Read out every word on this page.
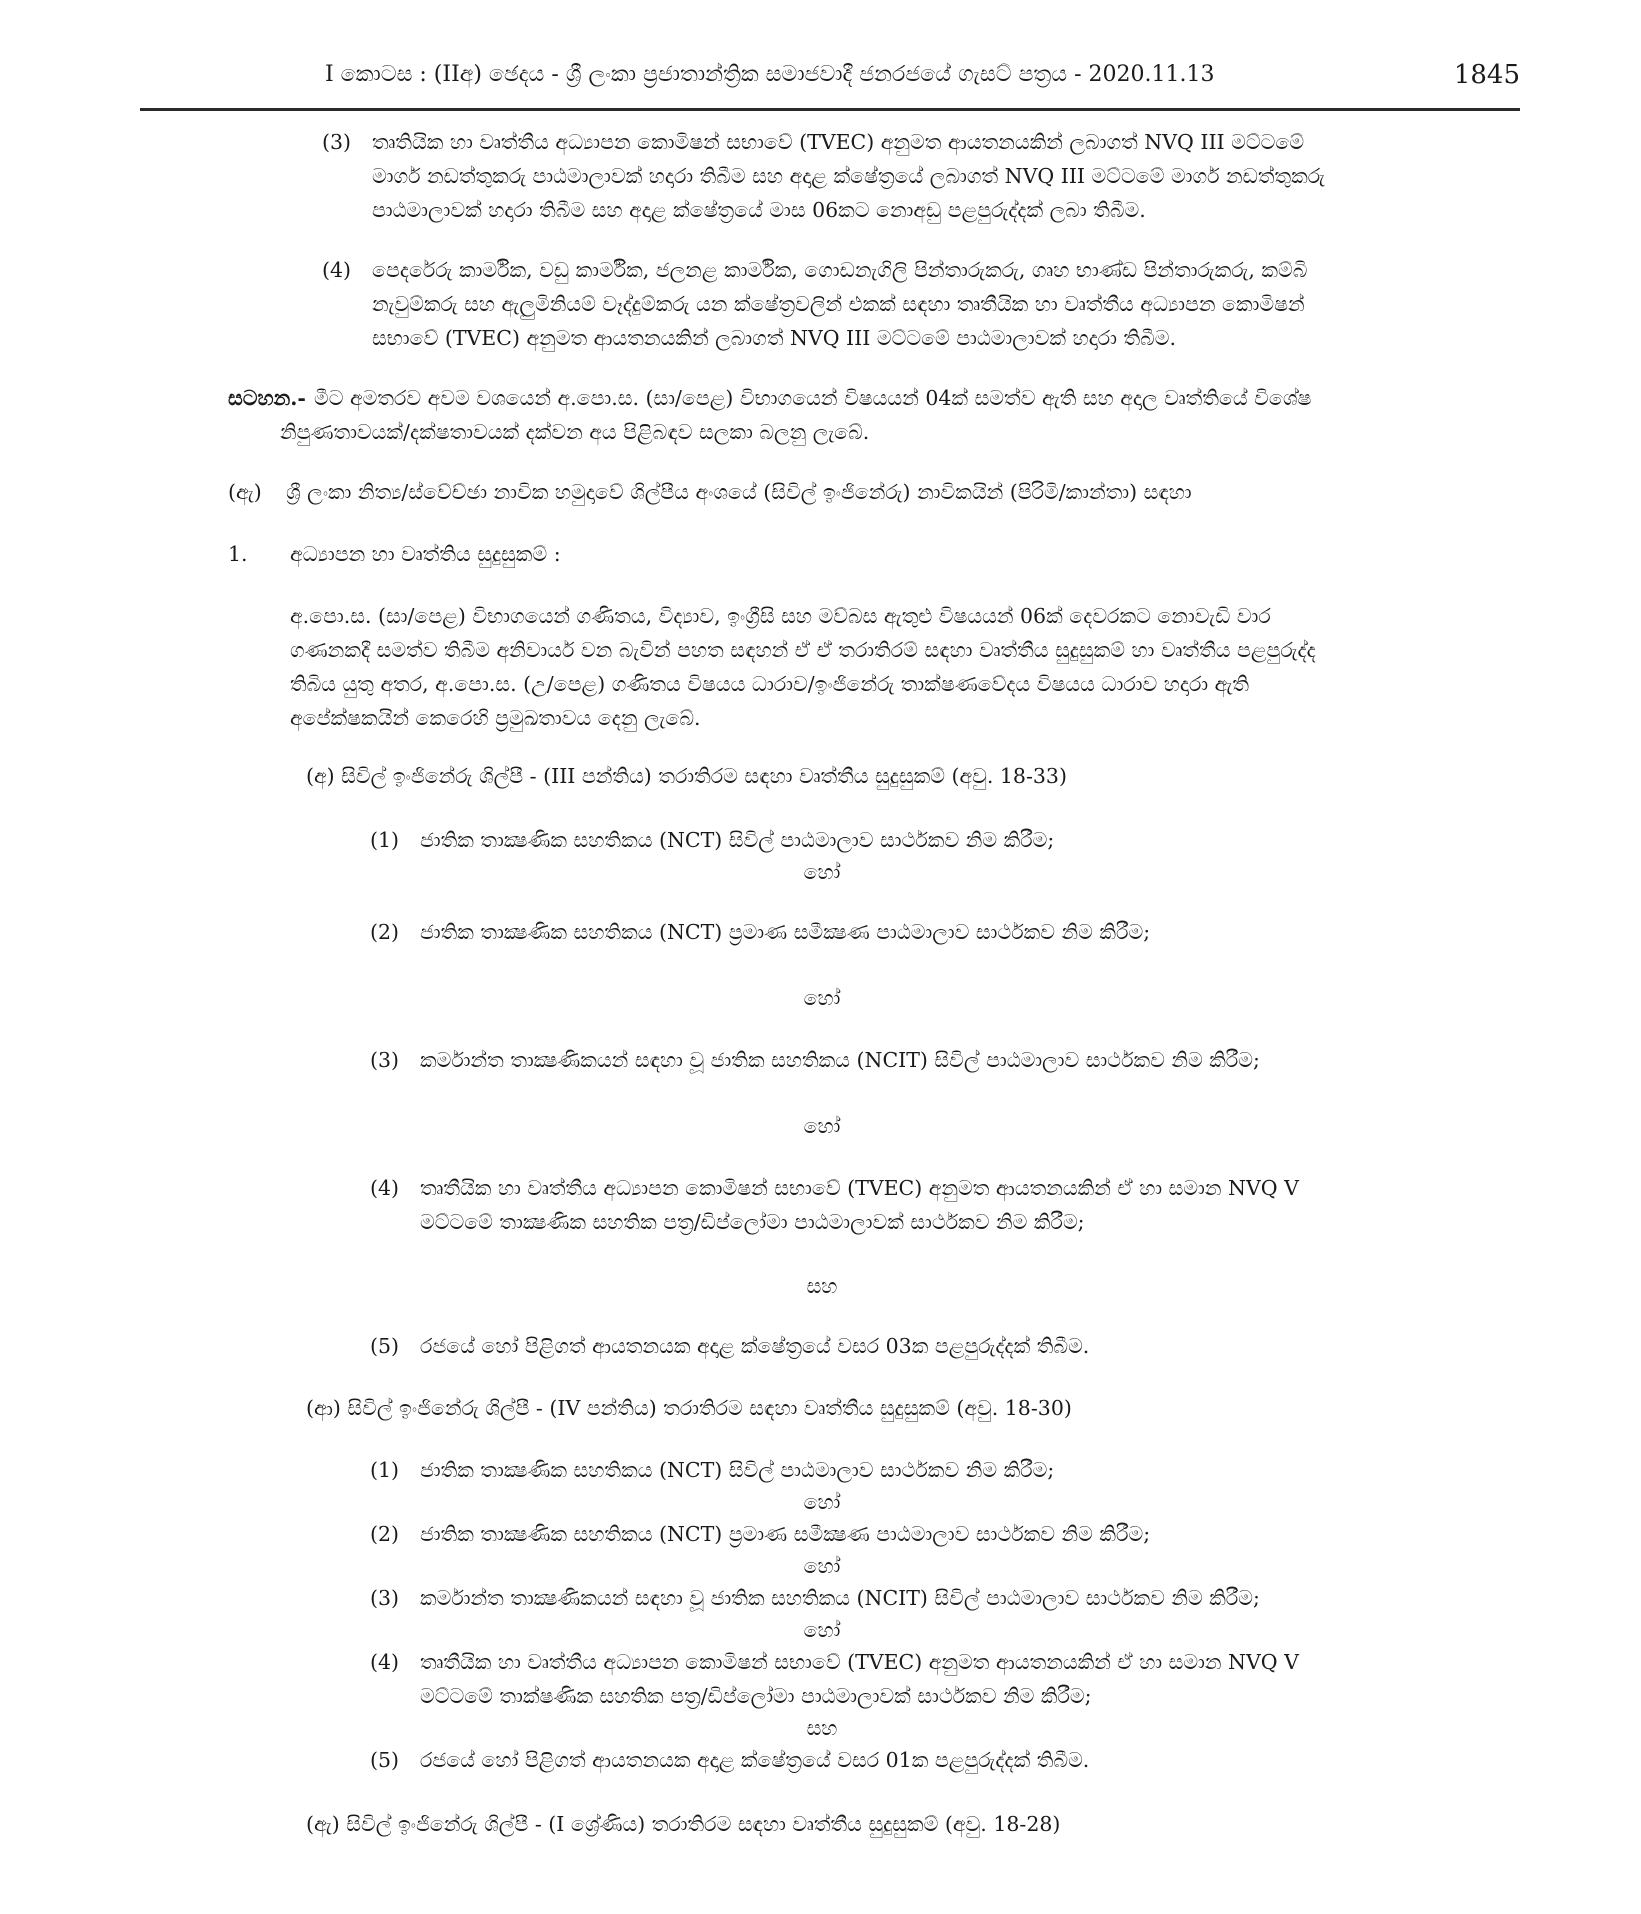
I කොටස : (IIඅ) ඡෙදය - ශ්‍රී ලංකා ප්‍රජාතාන්ත්‍රික සමාජවාදී ජනරජයේ ගැසට් පත්‍රය - 2020.11.13	1845
(3) තෘතියික හා වෘත්තීය අධ්‍යාපන කොමිෂන් සභාවේ (TVEC) අනුමත ආයතනයකින් ලබාගත් NVQ III මට්ටමේ
මාර්ග නඩත්තුකරු පාඨමාලාවක් හදාරා තිබීම සහ අදාළ ක්ෂේත්‍රයේ ලබාගත් NVQ III මට්ටමේ මාර්ග නඩත්තුකරු
පාඨමාලාවක් හදාරා තිබීම සහ අදාළ ක්ෂේත්‍රයේ මාස 06කට නොඅඩු පළපුරුද්දක් ලබා තිබීම.
(4) පෙදරේරු කාර්මික, වඩු කාර්මික, ජලනළ කාර්මික, ගොඩනැගිලි පින්තාරුකරු, ගෘහ භාණ්ඩ පින්තාරුකරු, කම්බි
නැවුම්කරු සහ ඇලුමිනියම් වෑද්දුම්කරු යන ක්ෂේත්‍රවලින් එකක් සඳහා තෘතීයික හා වෘත්තීය අධ්‍යාපන කොමිෂන්
සභාවේ (TVEC) අනුමත ආයතනයකින් ලබාගත් NVQ III මට්ටමේ පාඨමාලාවක් හදාරා තිබීම.
සටහන.- මීට අමතරව අවම වශයෙන් අ.පො.ස. (සා/පෙළ) විභාගයෙන් විෂයයන් 04ක් සමත්ව ඇති සහ අදාල වෘත්තියේ විශේෂ
නිපුණතාවයක්/දක්ෂතාවයක් දක්වන අය පිළිබඳව සලකා බලනු ලැබේ.
(ඇ) ශ්‍රී ලංකා නිත්‍ය/ස්වේච්ඡා නාවික හමුදාවේ ශිල්පීය අංශයේ (සිවිල් ඉංජිනේරු) නාවිකයින් (පිරිමි/කාන්තා) සඳහා
1. අධ්‍යාපන හා වෘත්තිය සුදුසුකම් :
අ.පො.ස. (සා/පෙළ) විභාගයෙන් ගණිතය, විද්‍යාව, ඉංග්‍රීසි සහ මව්බස ඇතුළු විෂයයන් 06ක් දෙවරකට නොවැඩි වාර
ගණනකදී සමත්ව තිබීම අනිවාර්ය වන බැවින් පහත සඳහන් ඒ ඒ තරාතිරම් සඳහා වෘත්තීය සුදුසුකම් හා වෘත්තීය පළපුරුද්ද
තිබිය යුතු අතර, අ.පො.ස. (උ/පෙළ) ගණිතය විෂයය ධාරාව/ඉංජිනේරු තාක්ෂණවේදය විෂයය ධාරාව හදාරා ඇති
අපේක්ෂකයින් කෙරෙහි ප්‍රමුඛතාවය දෙනු ලැබේ.
(අ) සිවිල් ඉංජිනේරු ශිල්පී - (III පන්තිය) තරාතිරම සඳහා වෘත්තීය සුදුසුකම් (අවු. 18-33)
(1) ජාතික තාක්‍ෂණික සහතිකය (NCT) සිවිල් පාඨමාලාව සාර්ථකව නිම කිරීම;
හෝ
(2) ජාතික තාක්‍ෂණික සහතිකය (NCT) ප්‍රමාණ සමීක්‍ෂණ පාඨමාලාව සාර්ථකව නිම කිරීම;
හෝ
(3) කර්මාන්ත තාක්‍ෂණිකයන් සඳහා වූ ජාතික සහතිකය (NCIT) සිවිල් පාඨමාලාව සාර්ථකව නිම කිරීම;
හෝ
(4) තෘතීයික හා වෘත්තීය අධ්‍යාපන කොමිෂන් සභාවේ (TVEC) අනුමත ආයතනයකින් ඒ හා සමාන NVQ V
මට්ටමේ තාක්‍ෂණික සහතික පත්‍ර/ඩිප්ලෝමා පාඨමාලාවක් සාර්ථකව නිම කිරීම;
සහ
(5) රජයේ හෝ පිළිගත් ආයතනයක අදාළ ක්ෂේත්‍රයේ වසර 03ක පළපුරුද්දක් තිබීම.
(ආ) සිවිල් ඉංජිනේරු ශිල්පී - (IV පන්තිය) තරාතිරම සඳහා වෘත්තීය සුදුසුකම් (අවු. 18-30)
(1) ජාතික තාක්‍ෂණික සහතිකය (NCT) සිවිල් පාඨමාලාව සාර්ථකව නිම කිරීම;
හෝ
(2) ජාතික තාක්‍ෂණික සහතිකය (NCT) ප්‍රමාණ සමීක්‍ෂණ පාඨමාලාව සාර්ථකව නිම කිරීම;
හෝ
(3) කර්මාන්ත තාක්‍ෂණිකයන් සඳහා වූ ජාතික සහතිකය (NCIT) සිවිල් පාඨමාලාව සාර්ථකව නිම කිරීම;
හෝ
(4) තෘතීයික හා වෘත්තීය අධ්‍යාපන කොමිෂන් සභාවේ (TVEC) අනුමත ආයතනයකින් ඒ හා සමාන NVQ V
මට්ටමේ තාක්ෂණික සහතික පත්‍ර/ඩිප්ලෝමා පාඨමාලාවක් සාර්ථකව නිම කිරීම;
සහ
(5) රජයේ හෝ පිළිගත් ආයතනයක අදාළ ක්ෂේත්‍රයේ වසර 01ක පළපුරුද්දක් තිබීම.
(ඇ) සිවිල් ඉංජිනේරු ශිල්පී - (I ශ්‍රේණිය) තරාතිරම සඳහා වෘත්තීය සුදුසුකම් (අවු. 18-28)
